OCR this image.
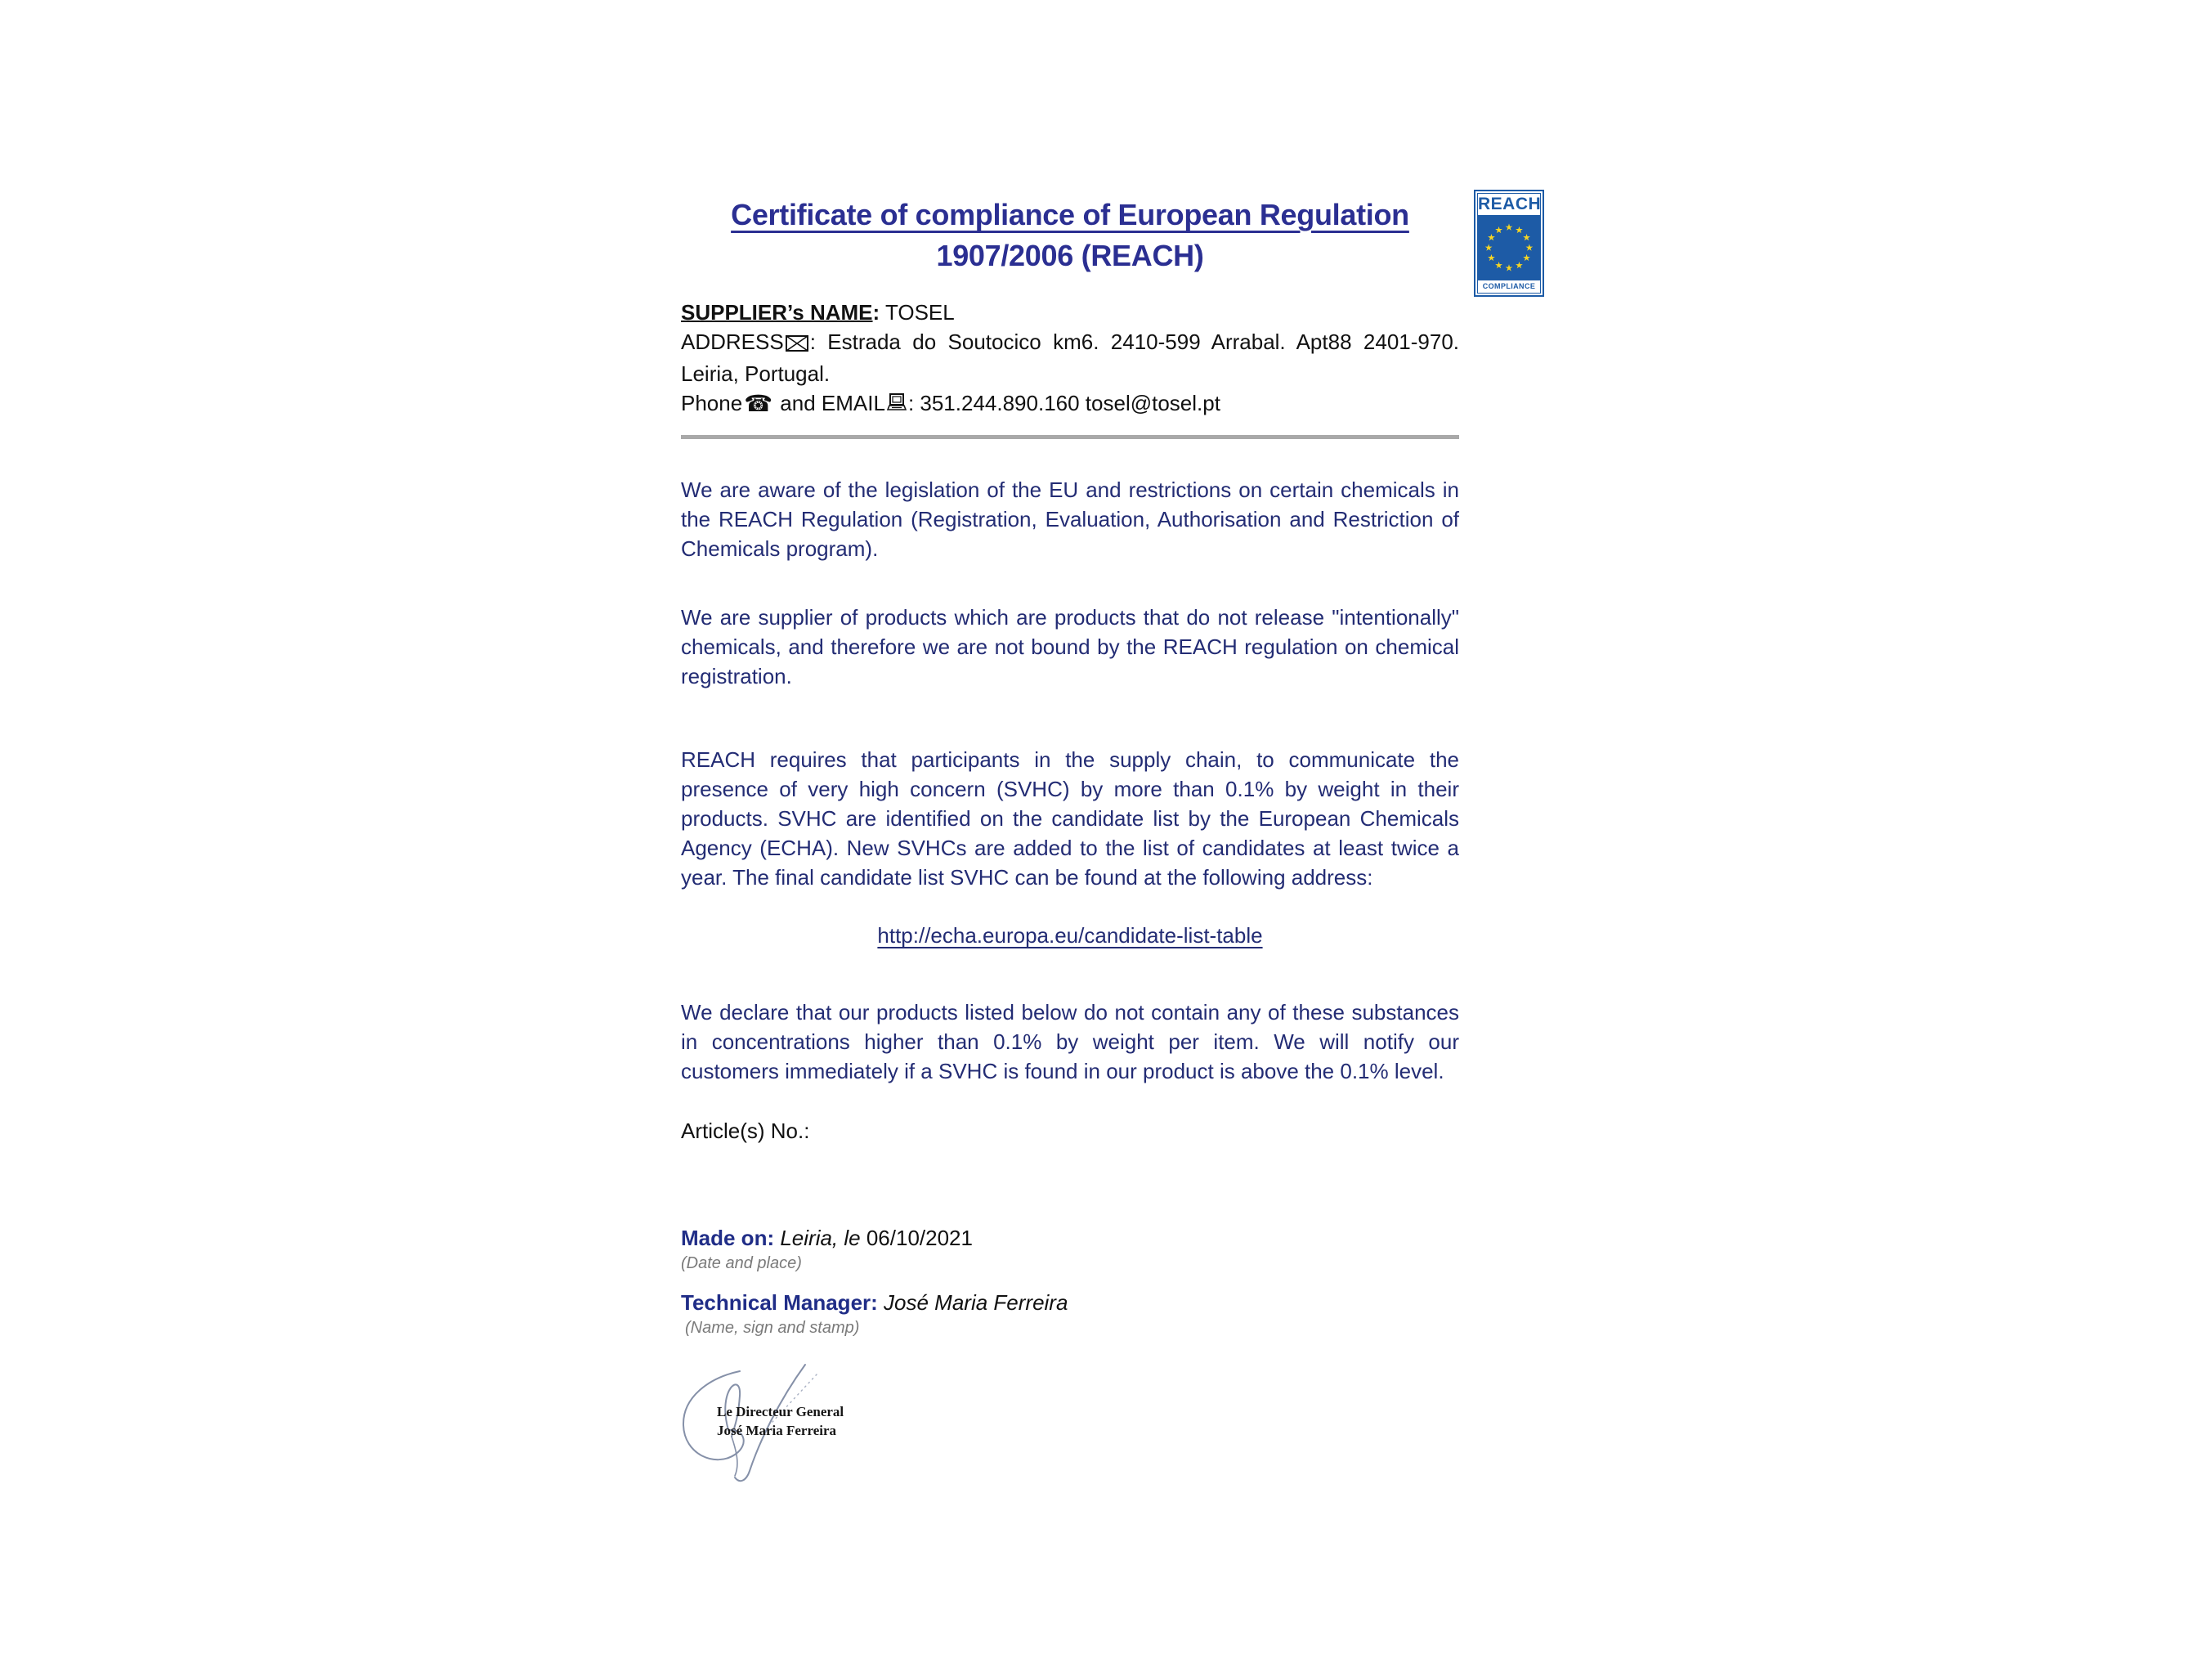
Certificate of compliance of European Regulation
1907/2006 (REACH)
REACH
COMPLIANCE
SUPPLIER’s NAME: TOSEL
ADDRESS : Estrada do Soutocico km6. 2410-599 Arrabal. Apt88 2401-970. Leiria, Portugal.
Phone☎ and EMAIL : 351.244.890.160 tosel@tosel.pt

We are aware of the legislation of the EU and restrictions on certain chemicals in the REACH Regulation (Registration, Evaluation, Authorisation and Restriction of Chemicals program).

We are supplier of products which are products that do not release "intentionally" chemicals, and therefore we are not bound by the REACH regulation on chemical registration.

REACH requires that participants in the supply chain, to communicate the presence of very high concern (SVHC) by more than 0.1% by weight in their products. SVHC are identified on the candidate list by the European Chemicals Agency (ECHA). New SVHCs are added to the list of candidates at least twice a year. The final candidate list SVHC can be found at the following address:

http://echa.europa.eu/candidate-list-table

We declare that our products listed below do not contain any of these substances in concentrations higher than 0.1% by weight per item. We will notify our customers immediately if a SVHC is found in our product is above the 0.1% level.

Article(s) No.:
Made on: Leiria, le 06/10/2021
(Date and place)
Technical Manager: José Maria Ferreira
(Name, sign and stamp)
Le Directeur General
José Maria Ferreira
